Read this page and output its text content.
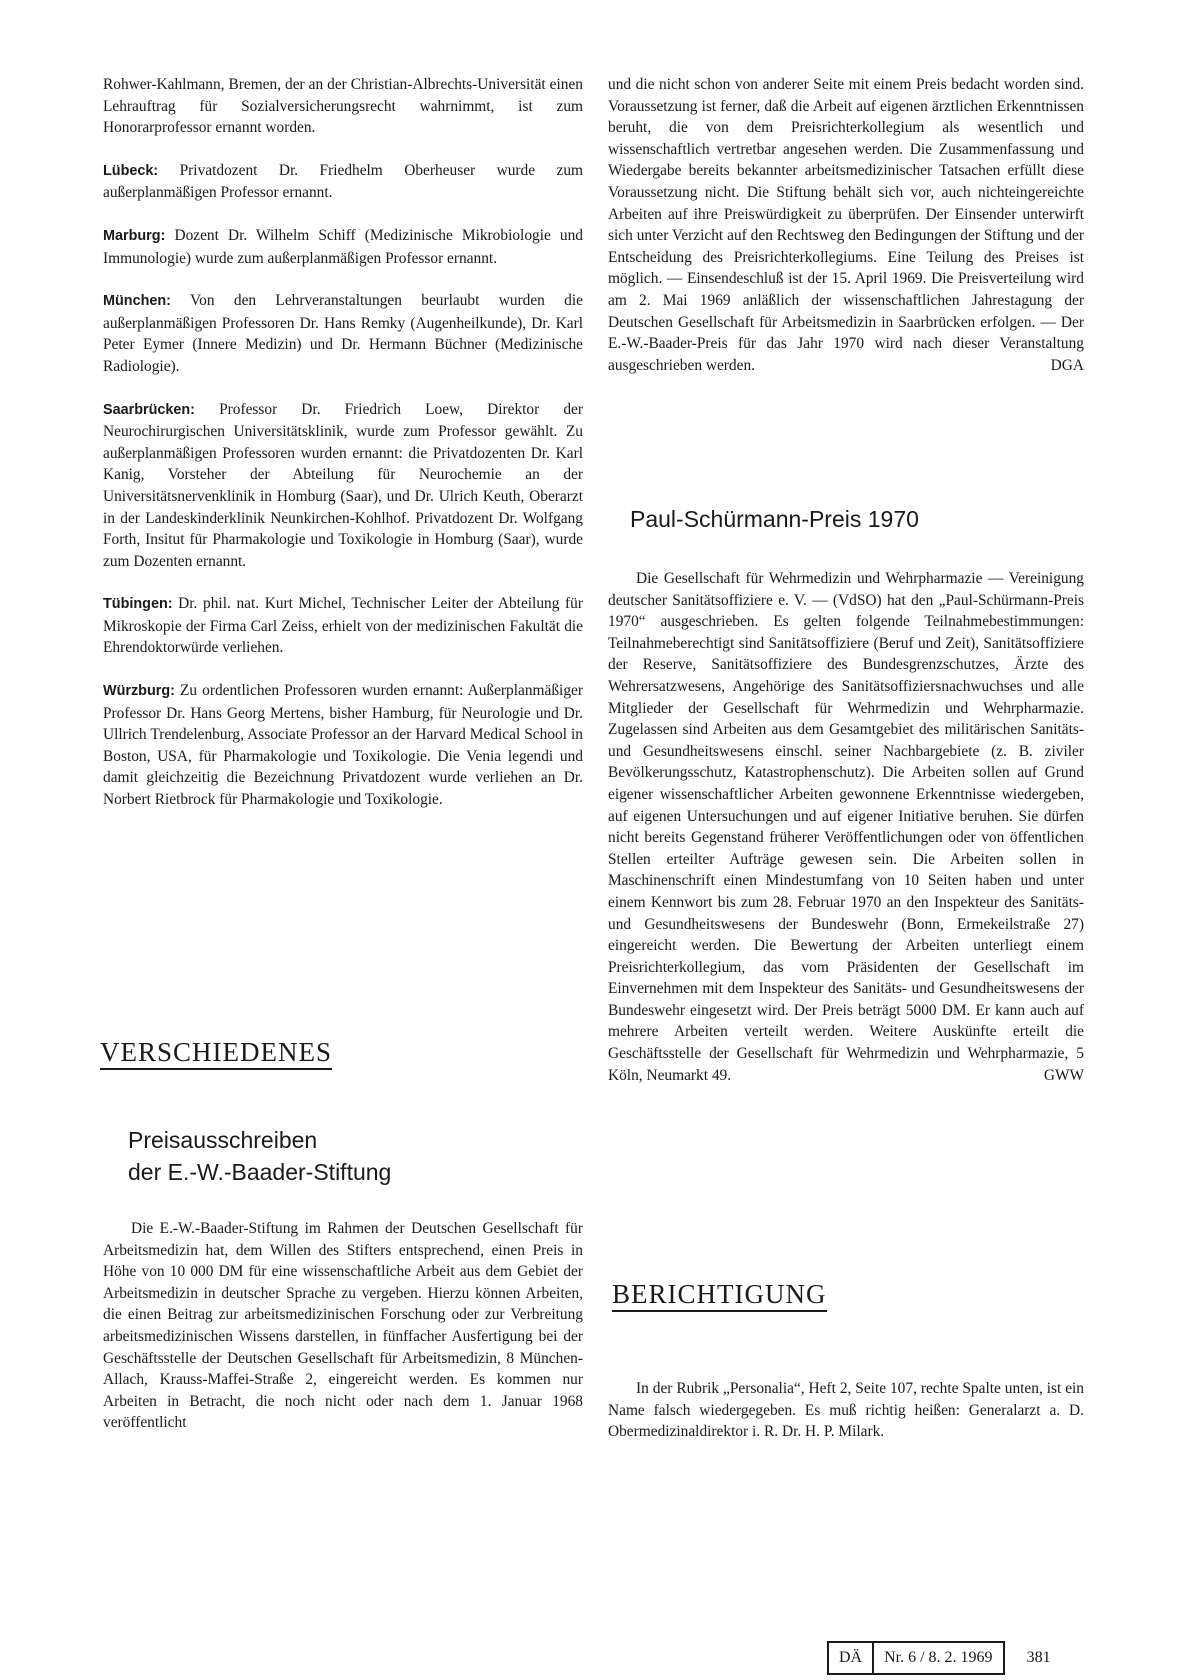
Rohwer-Kahlmann, Bremen, der an der Christian-Albrechts-Universität einen Lehrauftrag für Sozialversicherungsrecht wahrnimmt, ist zum Honorarprofessor ernannt worden.

Lübeck: Privatdozent Dr. Friedhelm Oberheuser wurde zum außerplanmäßigen Professor ernannt.

Marburg: Dozent Dr. Wilhelm Schiff (Medizinische Mikrobiologie und Immunologie) wurde zum außerplanmäßigen Professor ernannt.

München: Von den Lehrveranstaltungen beurlaubt wurden die außerplanmäßigen Professoren Dr. Hans Remky (Augenheilkunde), Dr. Karl Peter Eymer (Innere Medizin) und Dr. Hermann Büchner (Medizinische Radiologie).

Saarbrücken: Professor Dr. Friedrich Loew, Direktor der Neurochirurgischen Universitätsklinik, wurde zum Professor gewählt. Zu außerplanmäßigen Professoren wurden ernannt: die Privatdozenten Dr. Karl Kanig, Vorsteher der Abteilung für Neurochemie an der Universitätsnervenklinik in Homburg (Saar), und Dr. Ulrich Keuth, Oberarzt in der Landeskinderklinik Neunkirchen-Kohlhof. Privatdozent Dr. Wolfgang Forth, Insitut für Pharmakologie und Toxikologie in Homburg (Saar), wurde zum Dozenten ernannt.

Tübingen: Dr. phil. nat. Kurt Michel, Technischer Leiter der Abteilung für Mikroskopie der Firma Carl Zeiss, erhielt von der medizinischen Fakultät die Ehrendoktorwürde verliehen.

Würzburg: Zu ordentlichen Professoren wurden ernannt: Außerplanmäßiger Professor Dr. Hans Georg Mertens, bisher Hamburg, für Neurologie und Dr. Ullrich Trendelenburg, Associate Professor an der Harvard Medical School in Boston, USA, für Pharmakologie und Toxikologie. Die Venia legendi und damit gleichzeitig die Bezeichnung Privatdozent wurde verliehen an Dr. Norbert Rietbrock für Pharmakologie und Toxikologie.

VERSCHIEDENES
Preisausschreiben
der E.-W.-Baader-Stiftung

Die E.-W.-Baader-Stiftung im Rahmen der Deutschen Gesellschaft für Arbeitsmedizin hat, dem Willen des Stifters entsprechend, einen Preis in Höhe von 10 000 DM für eine wissenschaftliche Arbeit aus dem Gebiet der Arbeitsmedizin in deutscher Sprache zu vergeben. Hierzu können Arbeiten, die einen Beitrag zur arbeitsmedizinischen Forschung oder zur Verbreitung arbeitsmedizinischen Wissens darstellen, in fünffacher Ausfertigung bei der Geschäftsstelle der Deutschen Gesellschaft für Arbeitsmedizin, 8 München-Allach, Krauss-Maffei-Straße 2, eingereicht werden. Es kommen nur Arbeiten in Betracht, die noch nicht oder nach dem 1. Januar 1968 veröffentlicht

und die nicht schon von anderer Seite mit einem Preis bedacht worden sind. Voraussetzung ist ferner, daß die Arbeit auf eigenen ärztlichen Erkenntnissen beruht, die von dem Preisrichterkollegium als wesentlich und wissenschaftlich vertretbar angesehen werden. Die Zusammenfassung und Wiedergabe bereits bekannter arbeitsmedizinischer Tatsachen erfüllt diese Voraussetzung nicht. Die Stiftung behält sich vor, auch nichteingereichte Arbeiten auf ihre Preiswürdigkeit zu überprüfen. Der Einsender unterwirft sich unter Verzicht auf den Rechtsweg den Bedingungen der Stiftung und der Entscheidung des Preisrichterkollegiums. Eine Teilung des Preises ist möglich. — Einsendeschluß ist der 15. April 1969. Die Preisverteilung wird am 2. Mai 1969 anläßlich der wissenschaftlichen Jahrestagung der Deutschen Gesellschaft für Arbeitsmedizin in Saarbrücken erfolgen. — Der E.-W.-Baader-Preis für das Jahr 1970 wird nach dieser Veranstaltung ausgeschrieben werden.	DGA

Paul-Schürmann-Preis 1970

Die Gesellschaft für Wehrmedizin und Wehrpharmazie — Vereinigung deutscher Sanitätsoffiziere e. V. — (VdSO) hat den „Paul-Schürmann-Preis 1970“ ausgeschrieben. Es gelten folgende Teilnahmebestimmungen: Teilnahmeberechtigt sind Sanitätsoffiziere (Beruf und Zeit), Sanitätsoffiziere der Reserve, Sanitätsoffiziere des Bundesgrenzschutzes, Ärzte des Wehrersatzwesens, Angehörige des Sanitätsoffiziersnachwuchses und alle Mitglieder der Gesellschaft für Wehrmedizin und Wehrpharmazie. Zugelassen sind Arbeiten aus dem Gesamtgebiet des militärischen Sanitäts- und Gesundheitswesens einschl. seiner Nachbargebiete (z. B. ziviler Bevölkerungsschutz, Katastrophenschutz). Die Arbeiten sollen auf Grund eigener wissenschaftlicher Arbeiten gewonnene Erkenntnisse wiedergeben, auf eigenen Untersuchungen und auf eigener Initiative beruhen. Sie dürfen nicht bereits Gegenstand früherer Veröffentlichungen oder von öffentlichen Stellen erteilter Aufträge gewesen sein. Die Arbeiten sollen in Maschinenschrift einen Mindestumfang von 10 Seiten haben und unter einem Kennwort bis zum 28. Februar 1970 an den Inspekteur des Sanitäts- und Gesundheitswesens der Bundeswehr (Bonn, Ermekeilstraße 27) eingereicht werden. Die Bewertung der Arbeiten unterliegt einem Preisrichterkollegium, das vom Präsidenten der Gesellschaft im Einvernehmen mit dem Inspekteur des Sanitäts- und Gesundheitswesens der Bundeswehr eingesetzt wird. Der Preis beträgt 5000 DM. Er kann auch auf mehrere Arbeiten verteilt werden. Weitere Auskünfte erteilt die Geschäftsstelle der Gesellschaft für Wehrmedizin und Wehrpharmazie, 5 Köln, Neumarkt 49.	GWW

BERICHTIGUNG

In der Rubrik „Personalia“, Heft 2, Seite 107, rechte Spalte unten, ist ein Name falsch wiedergegeben. Es muß richtig heißen: Generalarzt a. D. Obermedizinaldirektor i. R. Dr. H. P. Milark.

DÄ	Nr. 6 / 8. 2. 1969	381
